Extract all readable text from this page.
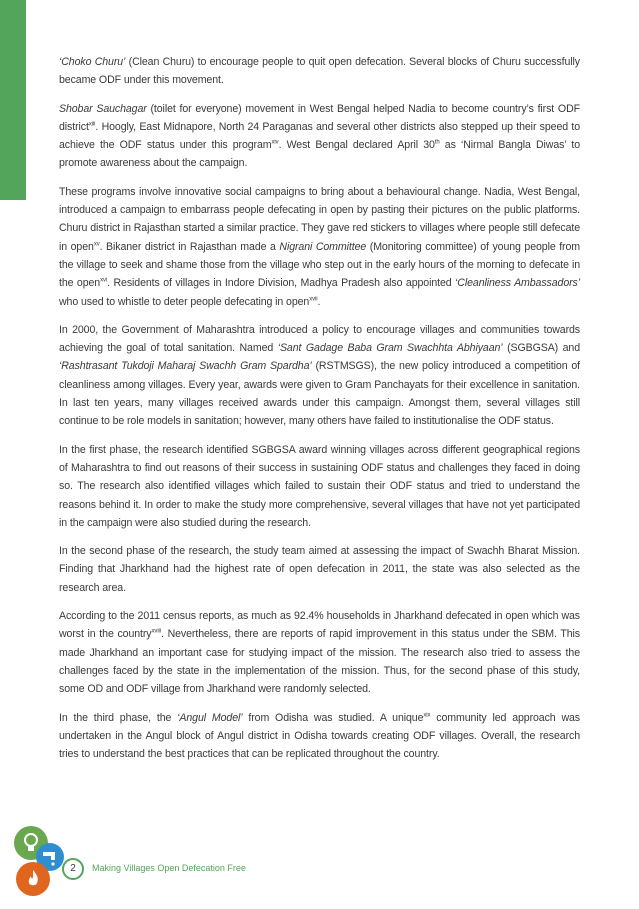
‘Choko Churu’ (Clean Churu) to encourage people to quit open defecation. Several blocks of Churu successfully became ODF under this movement.

Shobar Sauchagar (toilet for everyone) movement in West Bengal helped Nadia to become country’s first ODF district$^{xiii}$. Hoogly, East Midnapore, North 24 Paraganas and several other districts also stepped up their speed to achieve the ODF status under this program$^{xiv}$. West Bengal declared April 30th as ‘Nirmal Bangla Diwas’ to promote awareness about the campaign.

These programs involve innovative social campaigns to bring about a behavioural change. Nadia, West Bengal, introduced a campaign to embarrass people defecating in open by pasting their pictures on the public platforms. Churu district in Rajasthan started a similar practice. They gave red stickers to villages where people still defecate in open$^{xv}$. Bikaner district in Rajasthan made a Nigrani Committee (Monitoring committee) of young people from the village to seek and shame those from the village who step out in the early hours of the morning to defecate in the open$^{xvi}$. Residents of villages in Indore Division, Madhya Pradesh also appointed ‘Cleanliness Ambassadors’ who used to whistle to deter people defecating in open$^{xvii}$.

In 2000, the Government of Maharashtra introduced a policy to encourage villages and communities towards achieving the goal of total sanitation. Named ‘Sant Gadage Baba Gram Swachhta Abhiyaan’ (SGBGSA) and ‘Rashtrasant Tukdoji Maharaj Swachh Gram Spardha’ (RSTMSGS), the new policy introduced a competition of cleanliness among villages. Every year, awards were given to Gram Panchayats for their excellence in sanitation. In last ten years, many villages received awards under this campaign. Amongst them, several villages still continue to be role models in sanitation; however, many others have failed to institutionalise the ODF status.

In the first phase, the research identified SGBGSA award winning villages across different geographical regions of Maharashtra to find out reasons of their success in sustaining ODF status and challenges they faced in doing so. The research also identified villages which failed to sustain their ODF status and tried to understand the reasons behind it. In order to make the study more comprehensive, several villages that have not yet participated in the campaign were also studied during the research.

In the second phase of the research, the study team aimed at assessing the impact of Swachh Bharat Mission. Finding that Jharkhand had the highest rate of open defecation in 2011, the state was also selected as the research area.

According to the 2011 census reports, as much as 92.4% households in Jharkhand defecated in open which was worst in the country$^{xviii}$. Nevertheless, there are reports of rapid improvement in this status under the SBM. This made Jharkhand an important case for studying impact of the mission. The research also tried to assess the challenges faced by the state in the implementation of the mission. Thus, for the second phase of this study, some OD and ODF village from Jharkhand were randomly selected.

In the third phase, the ‘Angul Model’ from Odisha was studied. A unique$^{xix}$ community led approach was undertaken in the Angul block of Angul district in Odisha towards creating ODF villages. Overall, the research tries to understand the best practices that can be replicated throughout the country.

2	Making Villages Open Defecation Free
